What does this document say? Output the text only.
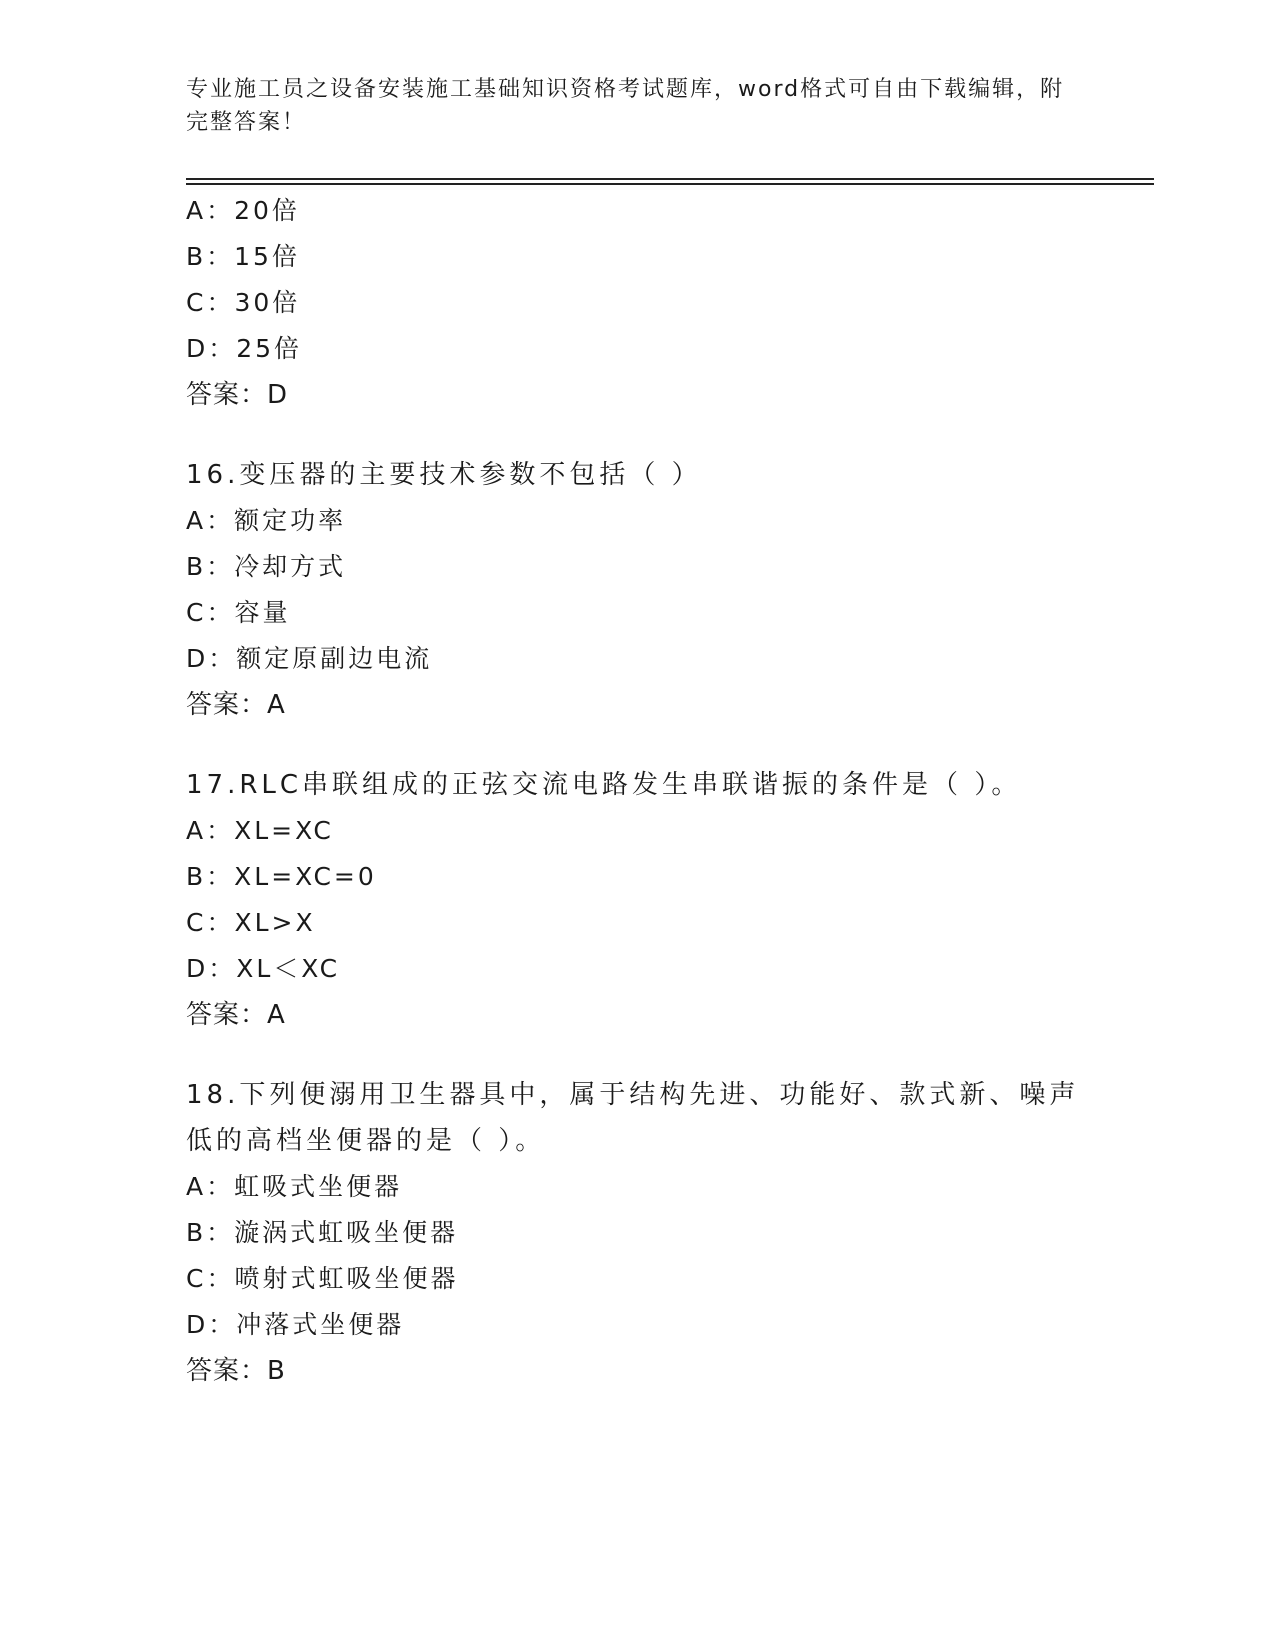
专业施工员之设备安装施工基础知识资格考试题库，word格式可自由下载编辑，附完整答案！
A：20倍
B：15倍
C：30倍
D：25倍
答案：D
16.变压器的主要技术参数不包括（ ）
A：额定功率
B：冷却方式
C：容量
D：额定原副边电流
答案：A
17.RLC串联组成的正弦交流电路发生串联谐振的条件是（ ）。
A：XL=XC
B：XL=XC=0
C：XL>X
D：XL＜XC
答案：A
18.下列便溺用卫生器具中，属于结构先进、功能好、款式新、噪声低的高档坐便器的是（ ）。
A：虹吸式坐便器
B：漩涡式虹吸坐便器
C：喷射式虹吸坐便器
D：冲落式坐便器
答案：B
